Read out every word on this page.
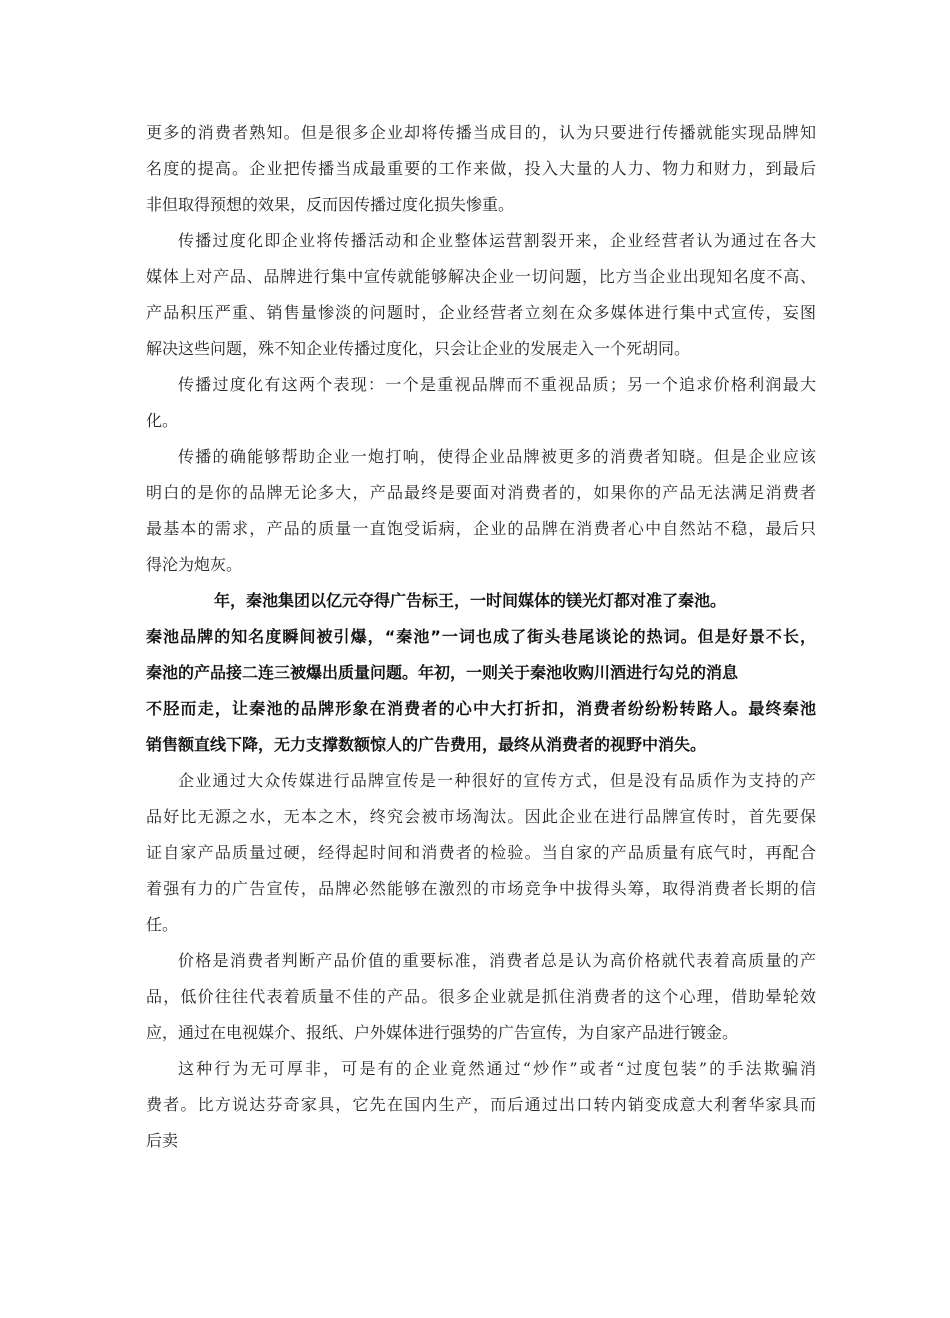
更多的消费者熟知。但是很多企业却将传播当成目的，认为只要进行传播就能实现品牌知
名度的提高。企业把传播当成最重要的工作来做，投入大量的人力、物力和财力，到最后
非但取得预想的效果，反而因传播过度化损失惨重。
传播过度化即企业将传播活动和企业整体运营割裂开来，企业经营者认为通过在各大
媒体上对产品、品牌进行集中宣传就能够解决企业一切问题，比方当企业出现知名度不高、
产品积压严重、销售量惨淡的问题时，企业经营者立刻在众多媒体进行集中式宣传，妄图
解决这些问题，殊不知企业传播过度化，只会让企业的发展走入一个死胡同。
传播过度化有这两个表现：一个是重视品牌而不重视品质；另一个追求价格利润最大
化。
传播的确能够帮助企业一炮打响，使得企业品牌被更多的消费者知晓。但是企业应该
明白的是你的品牌无论多大，产品最终是要面对消费者的，如果你的产品无法满足消费者
最基本的需求，产品的质量一直饱受诟病，企业的品牌在消费者心中自然站不稳，最后只
得沦为炮灰。
年，秦池集团以亿元夺得广告标王，一时间媒体的镁光灯都对准了秦池。
秦池品牌的知名度瞬间被引爆，“秦池”一词也成了街头巷尾谈论的热词。但是好景不长，
秦池的产品接二连三被爆出质量问题。年初，一则关于秦池收购川酒进行勾兑的消息
不胫而走，让秦池的品牌形象在消费者的心中大打折扣，消费者纷纷粉转路人。最终秦池
销售额直线下降，无力支撑数额惊人的广告费用，最终从消费者的视野中消失。
企业通过大众传媒进行品牌宣传是一种很好的宣传方式，但是没有品质作为支持的产
品好比无源之水，无本之木，终究会被市场淘汰。因此企业在进行品牌宣传时，首先要保
证自家产品质量过硬，经得起时间和消费者的检验。当自家的产品质量有底气时，再配合
着强有力的广告宣传，品牌必然能够在激烈的市场竞争中拔得头筹，取得消费者长期的信
任。
价格是消费者判断产品价值的重要标准，消费者总是认为高价格就代表着高质量的产
品，低价往往代表着质量不佳的产品。很多企业就是抓住消费者的这个心理，借助晕轮效
应，通过在电视媒介、报纸、户外媒体进行强势的广告宣传，为自家产品进行镀金。
这种行为无可厚非，可是有的企业竟然通过“炒作”或者“过度包装”的手法欺骗消
费者。比方说达芬奇家具，它先在国内生产，而后通过出口转内销变成意大利奢华家具而
后卖
